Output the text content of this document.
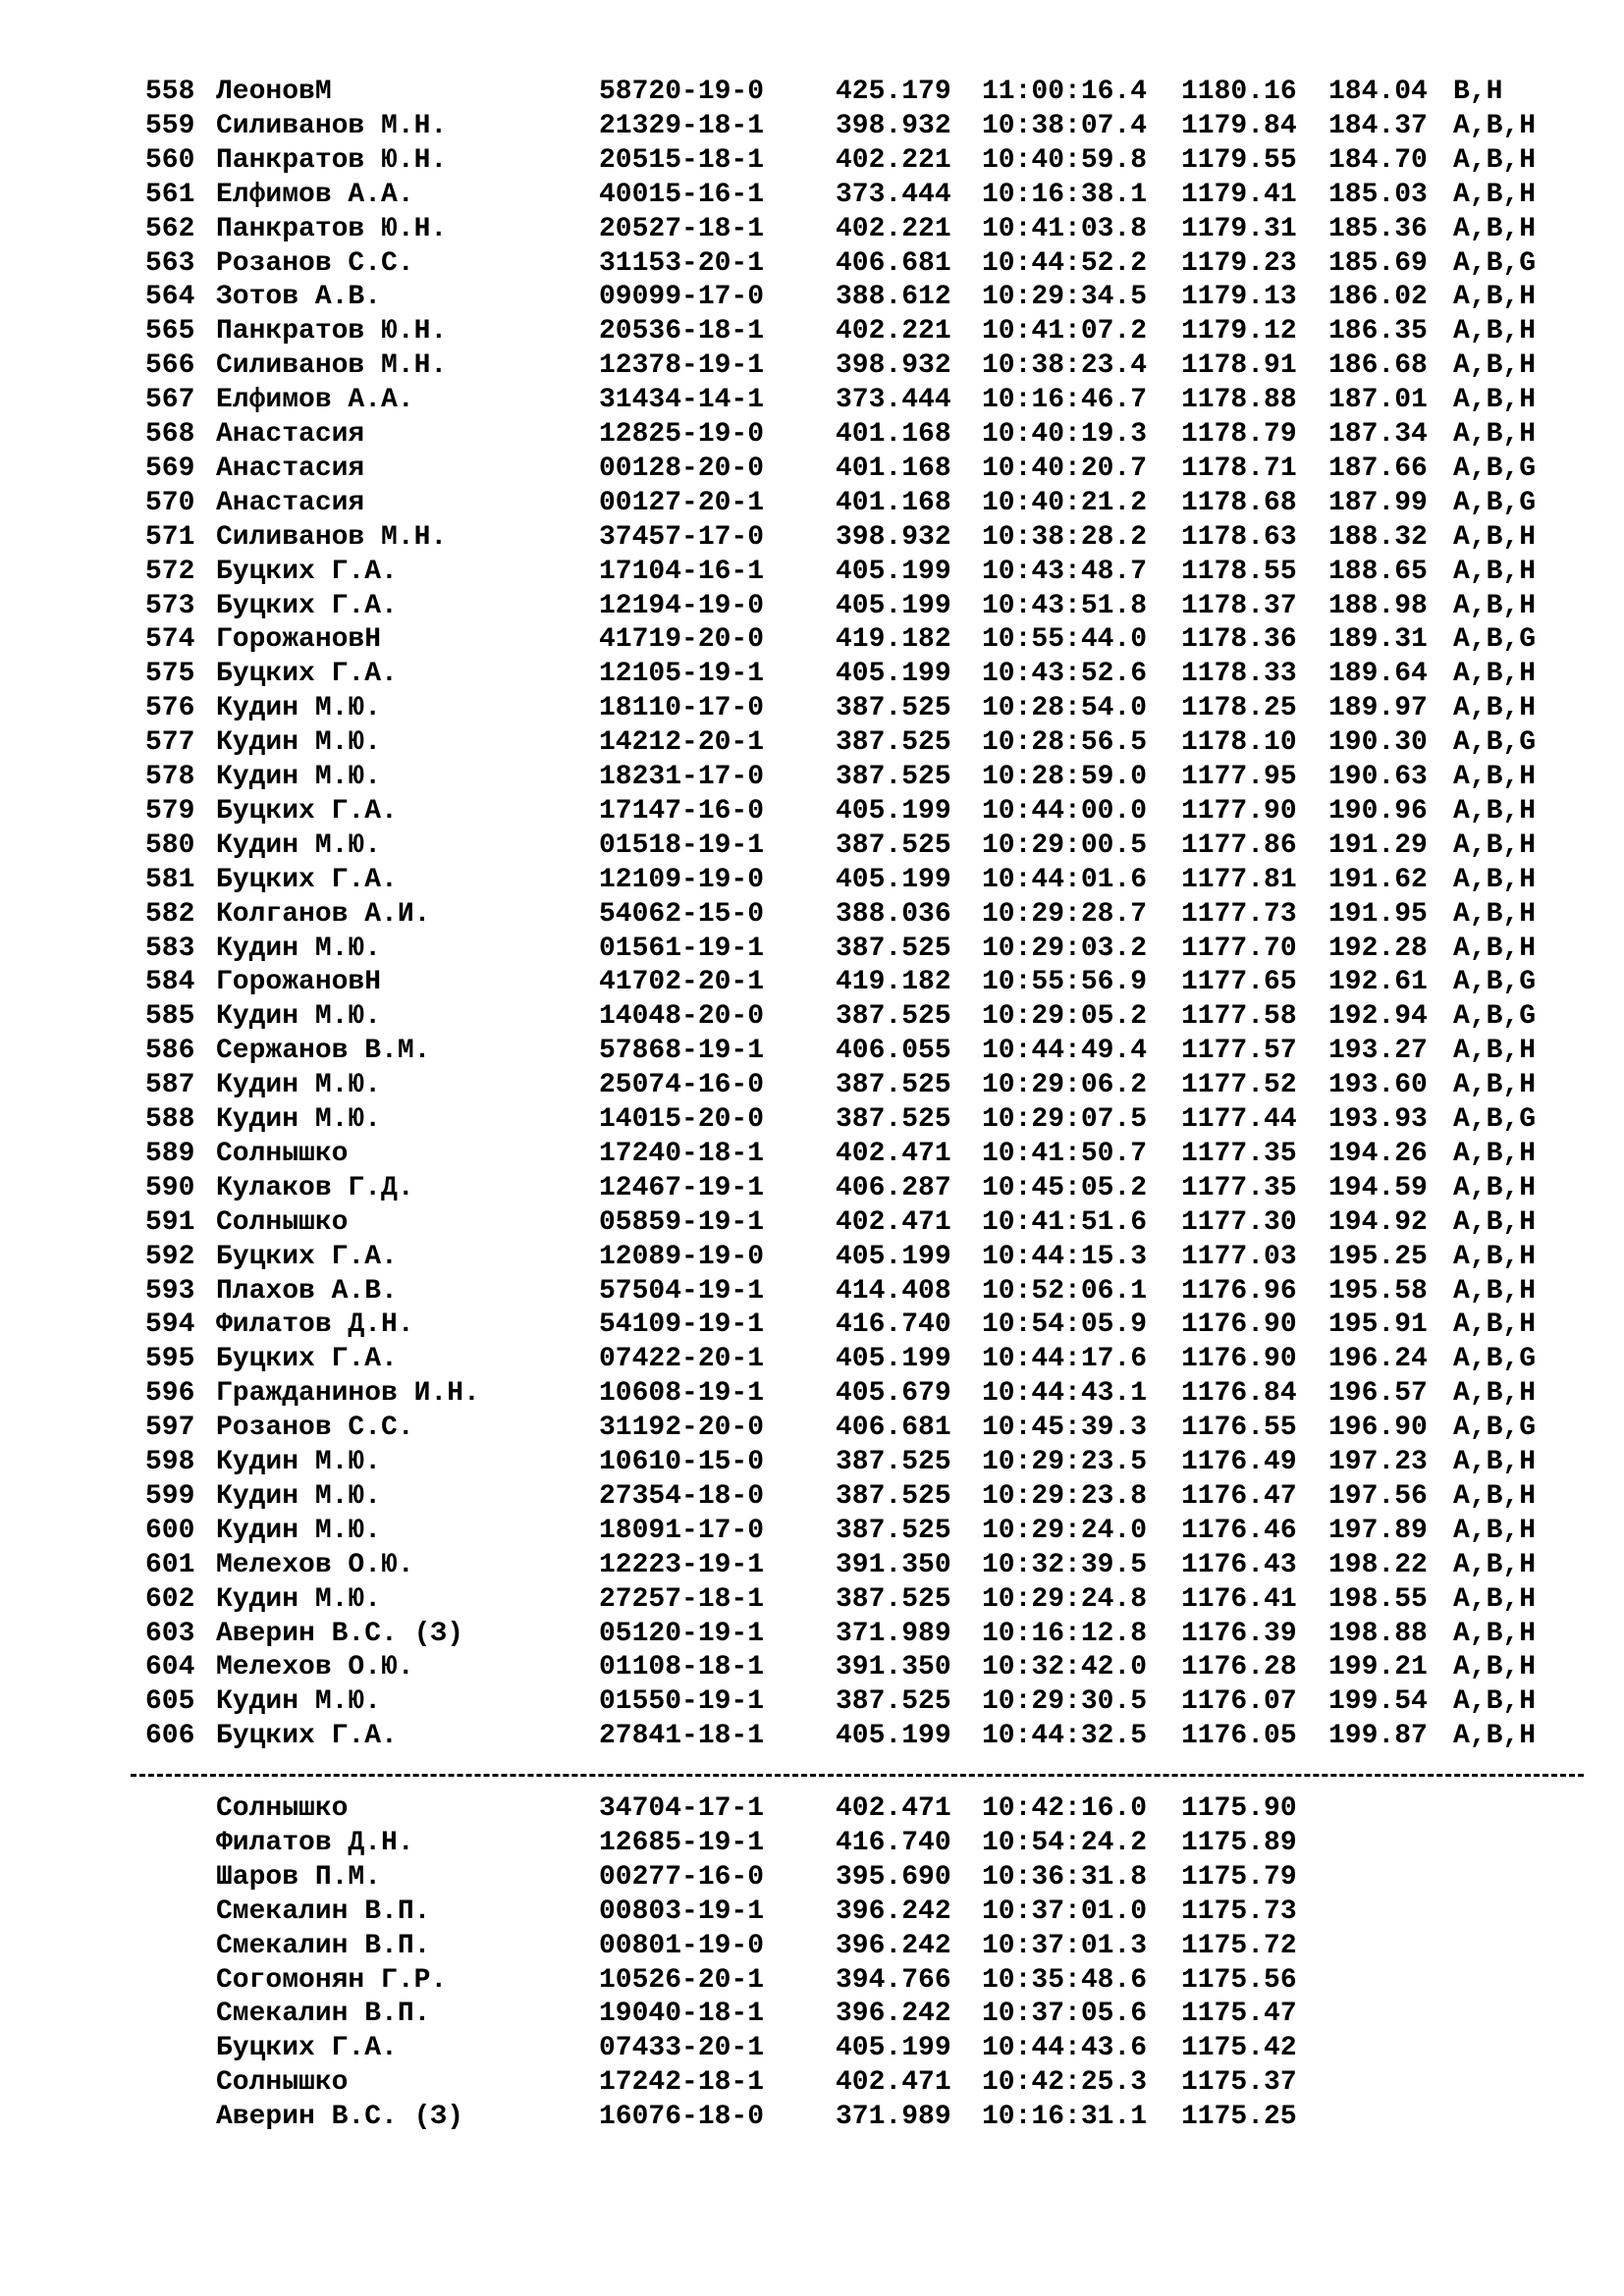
558 ЛеоновМ	58720-19-0	425.179 11:00:16.4 1180.16 184.04 B,H
559 Силиванов М.Н.	21329-18-1	398.932 10:38:07.4 1179.84 184.37 A,B,H
560 Панкратов Ю.Н.	20515-18-1	402.221 10:40:59.8 1179.55 184.70 A,B,H
561 Елфимов А.А.	40015-16-1	373.444 10:16:38.1 1179.41 185.03 A,B,H
562 Панкратов Ю.Н.	20527-18-1	402.221 10:41:03.8 1179.31 185.36 A,B,H
563 Розанов С.С.	31153-20-1	406.681 10:44:52.2 1179.23 185.69 A,B,G
564 Зотов А.В.	09099-17-0	388.612 10:29:34.5 1179.13 186.02 A,B,H
565 Панкратов Ю.Н.	20536-18-1	402.221 10:41:07.2 1179.12 186.35 A,B,H
566 Силиванов М.Н.	12378-19-1	398.932 10:38:23.4 1178.91 186.68 A,B,H
567 Елфимов А.А.	31434-14-1	373.444 10:16:46.7 1178.88 187.01 A,B,H
568 Анастасия	12825-19-0	401.168 10:40:19.3 1178.79 187.34 A,B,H
569 Анастасия	00128-20-0	401.168 10:40:20.7 1178.71 187.66 A,B,G
570 Анастасия	00127-20-1	401.168 10:40:21.2 1178.68 187.99 A,B,G
571 Силиванов М.Н.	37457-17-0	398.932 10:38:28.2 1178.63 188.32 A,B,H
572 Буцких Г.А.	17104-16-1	405.199 10:43:48.7 1178.55 188.65 A,B,H
573 Буцких Г.А.	12194-19-0	405.199 10:43:51.8 1178.37 188.98 A,B,H
574 ГорожановН	41719-20-0	419.182 10:55:44.0 1178.36 189.31 A,B,G
575 Буцких Г.А.	12105-19-1	405.199 10:43:52.6 1178.33 189.64 A,B,H
576 Кудин М.Ю.	18110-17-0	387.525 10:28:54.0 1178.25 189.97 A,B,H
577 Кудин М.Ю.	14212-20-1	387.525 10:28:56.5 1178.10 190.30 A,B,G
578 Кудин М.Ю.	18231-17-0	387.525 10:28:59.0 1177.95 190.63 A,B,H
579 Буцких Г.А.	17147-16-0	405.199 10:44:00.0 1177.90 190.96 A,B,H
580 Кудин М.Ю.	01518-19-1	387.525 10:29:00.5 1177.86 191.29 A,B,H
581 Буцких Г.А.	12109-19-0	405.199 10:44:01.6 1177.81 191.62 A,B,H
582 Колганов А.И.	54062-15-0	388.036 10:29:28.7 1177.73 191.95 A,B,H
583 Кудин М.Ю.	01561-19-1	387.525 10:29:03.2 1177.70 192.28 A,B,H
584 ГорожановН	41702-20-1	419.182 10:55:56.9 1177.65 192.61 A,B,G
585 Кудин М.Ю.	14048-20-0	387.525 10:29:05.2 1177.58 192.94 A,B,G
586 Сержанов В.М.	57868-19-1	406.055 10:44:49.4 1177.57 193.27 A,B,H
587 Кудин М.Ю.	25074-16-0	387.525 10:29:06.2 1177.52 193.60 A,B,H
588 Кудин М.Ю.	14015-20-0	387.525 10:29:07.5 1177.44 193.93 A,B,G
589 Солнышко	17240-18-1	402.471 10:41:50.7 1177.35 194.26 A,B,H
590 Кулаков Г.Д.	12467-19-1	406.287 10:45:05.2 1177.35 194.59 A,B,H
591 Солнышко	05859-19-1	402.471 10:41:51.6 1177.30 194.92 A,B,H
592 Буцких Г.А.	12089-19-0	405.199 10:44:15.3 1177.03 195.25 A,B,H
593 Плахов А.В.	57504-19-1	414.408 10:52:06.1 1176.96 195.58 A,B,H
594 Филатов Д.Н.	54109-19-1	416.740 10:54:05.9 1176.90 195.91 A,B,H
595 Буцких Г.А.	07422-20-1	405.199 10:44:17.6 1176.90 196.24 A,B,G
596 Гражданинов И.Н.	10608-19-1	405.679 10:44:43.1 1176.84 196.57 A,B,H
597 Розанов С.С.	31192-20-0	406.681 10:45:39.3 1176.55 196.90 A,B,G
598 Кудин М.Ю.	10610-15-0	387.525 10:29:23.5 1176.49 197.23 A,B,H
599 Кудин М.Ю.	27354-18-0	387.525 10:29:23.8 1176.47 197.56 A,B,H
600 Кудин М.Ю.	18091-17-0	387.525 10:29:24.0 1176.46 197.89 A,B,H
601 Мелехов О.Ю.	12223-19-1	391.350 10:32:39.5 1176.43 198.22 A,B,H
602 Кудин М.Ю.	27257-18-1	387.525 10:29:24.8 1176.41 198.55 A,B,H
603 Аверин В.С. (З)	05120-19-1	371.989 10:16:12.8 1176.39 198.88 A,B,H
604 Мелехов О.Ю.	01108-18-1	391.350 10:32:42.0 1176.28 199.21 A,B,H
605 Кудин М.Ю.	01550-19-1	387.525 10:29:30.5 1176.07 199.54 A,B,H
606 Буцких Г.А.	27841-18-1	405.199 10:44:32.5 1176.05 199.87 A,B,H
Солнышко	34704-17-1	402.471 10:42:16.0 1175.90
Филатов Д.Н.	12685-19-1	416.740 10:54:24.2 1175.89
Шаров П.М.	00277-16-0	395.690 10:36:31.8 1175.79
Смекалин В.П.	00803-19-1	396.242 10:37:01.0 1175.73
Смекалин В.П.	00801-19-0	396.242 10:37:01.3 1175.72
Согомонян Г.Р.	10526-20-1	394.766 10:35:48.6 1175.56
Смекалин В.П.	19040-18-1	396.242 10:37:05.6 1175.47
Буцких Г.А.	07433-20-1	405.199 10:44:43.6 1175.42
Солнышко	17242-18-1	402.471 10:42:25.3 1175.37
Аверин В.С. (З)	16076-18-0	371.989 10:16:31.1 1175.25
